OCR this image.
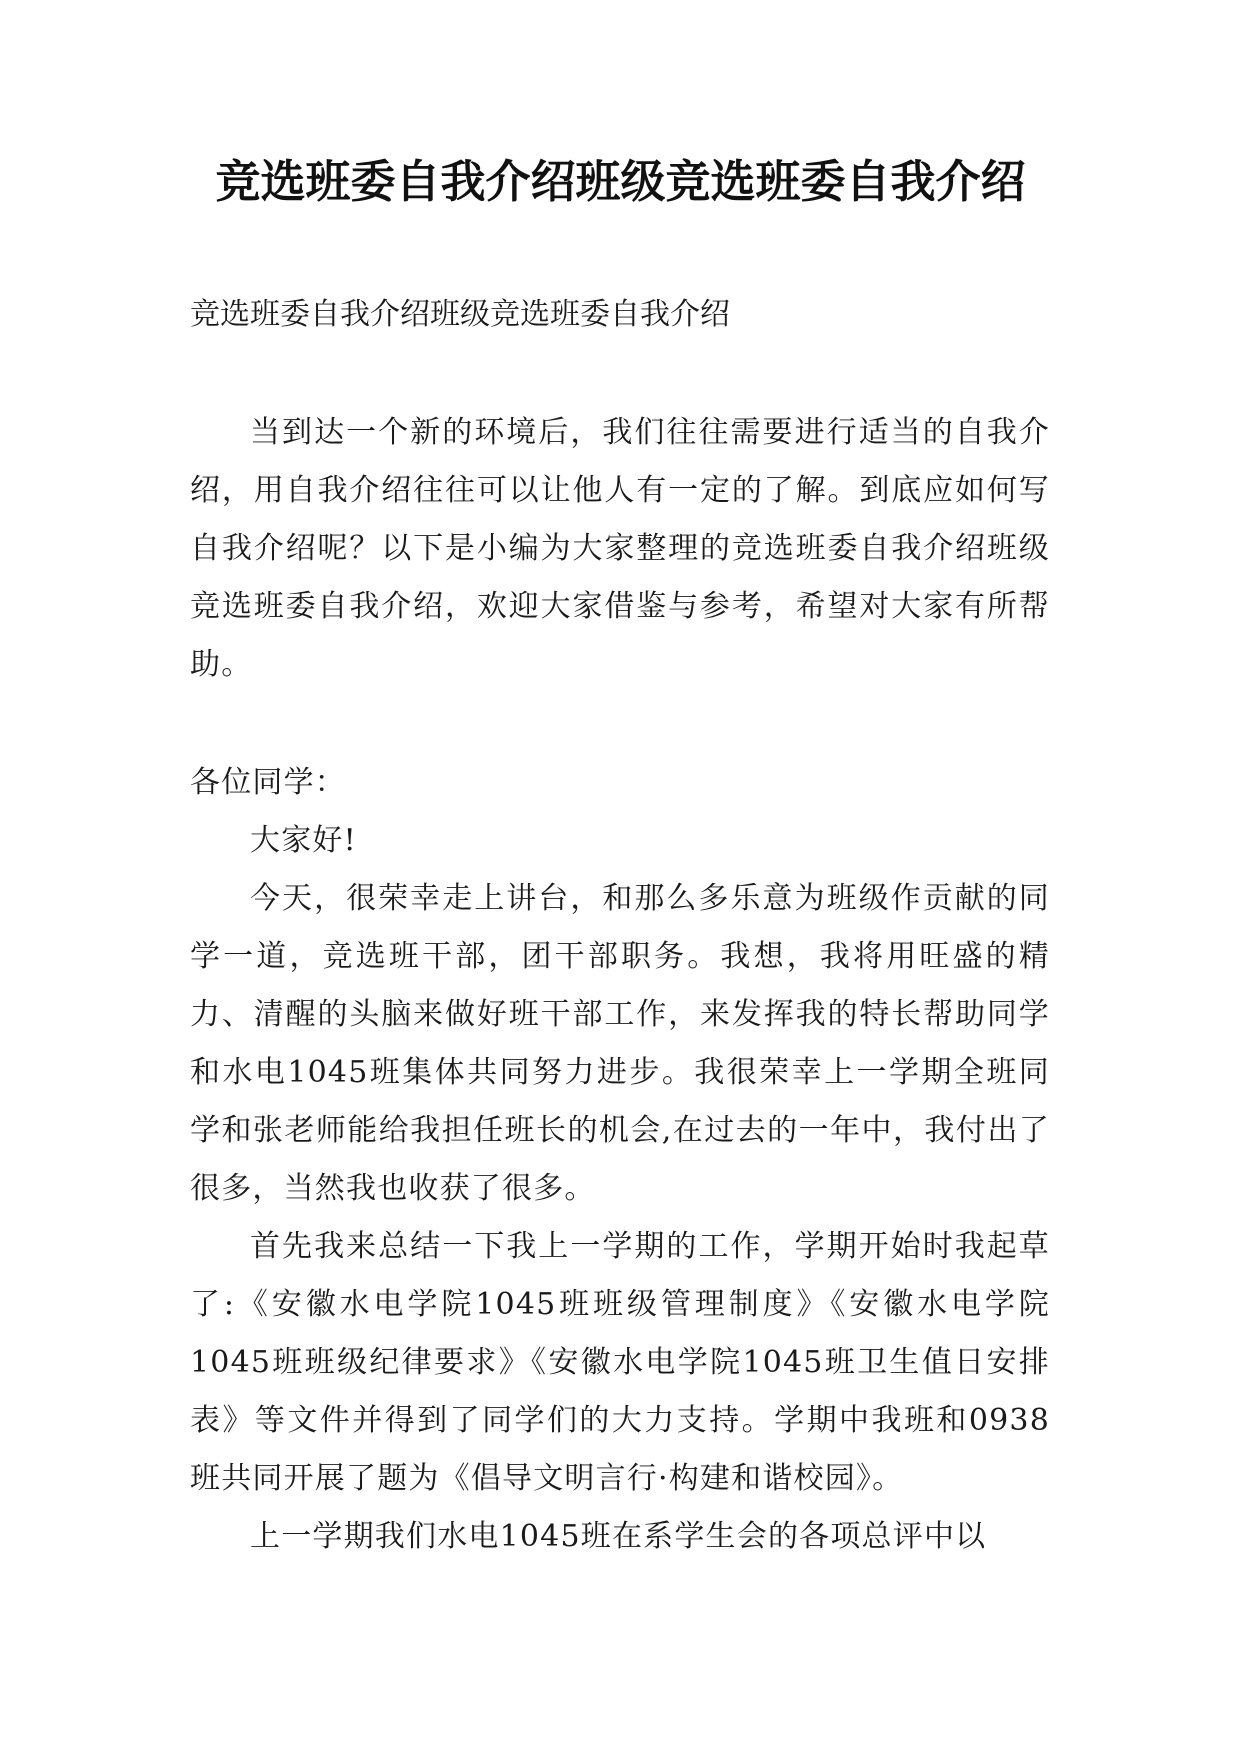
竞选班委自我介绍班级竞选班委自我介绍

竞选班委自我介绍班级竞选班委自我介绍

当到达一个新的环境后，我们往往需要进行适当的自我介绍，用自我介绍往往可以让他人有一定的了解。到底应如何写自我介绍呢？以下是小编为大家整理的竞选班委自我介绍班级竞选班委自我介绍，欢迎大家借鉴与参考，希望对大家有所帮助。

各位同学：

大家好!

今天，很荣幸走上讲台，和那么多乐意为班级作贡献的同学一道，竞选班干部，团干部职务。我想，我将用旺盛的精力、清醒的头脑来做好班干部工作，来发挥我的特长帮助同学和水电1045班集体共同努力进步。我很荣幸上一学期全班同学和张老师能给我担任班长的机会,在过去的一年中，我付出了很多，当然我也收获了很多。

首先我来总结一下我上一学期的工作，学期开始时我起草了:《安徽水电学院1045班班级管理制度》《安徽水电学院1045班班级纪律要求》《安徽水电学院1045班卫生值日安排表》等文件并得到了同学们的大力支持。学期中我班和0938班共同开展了题为《倡导文明言行·构建和谐校园》。

上一学期我们水电1045班在系学生会的各项总评中以
